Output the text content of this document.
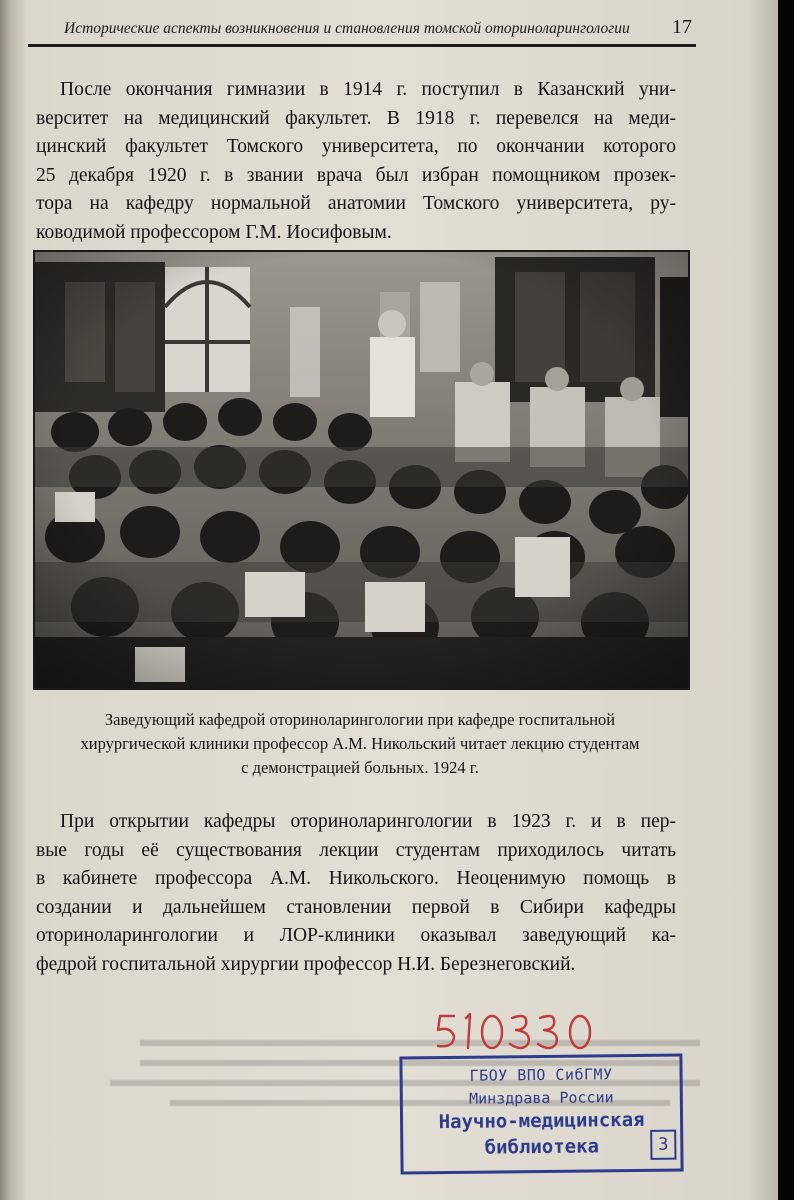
Исторические аспекты возникновения и становления томской оториноларингологии	17
После окончания гимназии в 1914 г. поступил в Казанский уни-
верситет на медицинский факультет. В 1918 г. перевелся на меди-
цинский факультет Томского университета, по окончании которого
25 декабря 1920 г. в звании врача был избран помощником прозек-
тора на кафедру нормальной анатомии Томского университета, ру-
ководимой профессором Г.М. Иосифовым.
Заведующий кафедрой оториноларингологии при кафедре госпитальной
хирургической клиники профессор А.М. Никольский читает лекцию студентам
с демонстрацией больных. 1924 г.
При открытии кафедры оториноларингологии в 1923 г. и в пер-
вые годы её существования лекции студентам приходилось читать
в кабинете профессора А.М. Никольского. Неоценимую помощь в
создании и дальнейшем становлении первой в Сибири кафедры
оториноларингологии и ЛОР-клиники оказывал заведующий ка-
федрой госпитальной хирургии профессор Н.И. Березнеговский.
ГБОУ ВПО СибГМУ
Минздрава России
Научно-медицинская
библиотека	3
